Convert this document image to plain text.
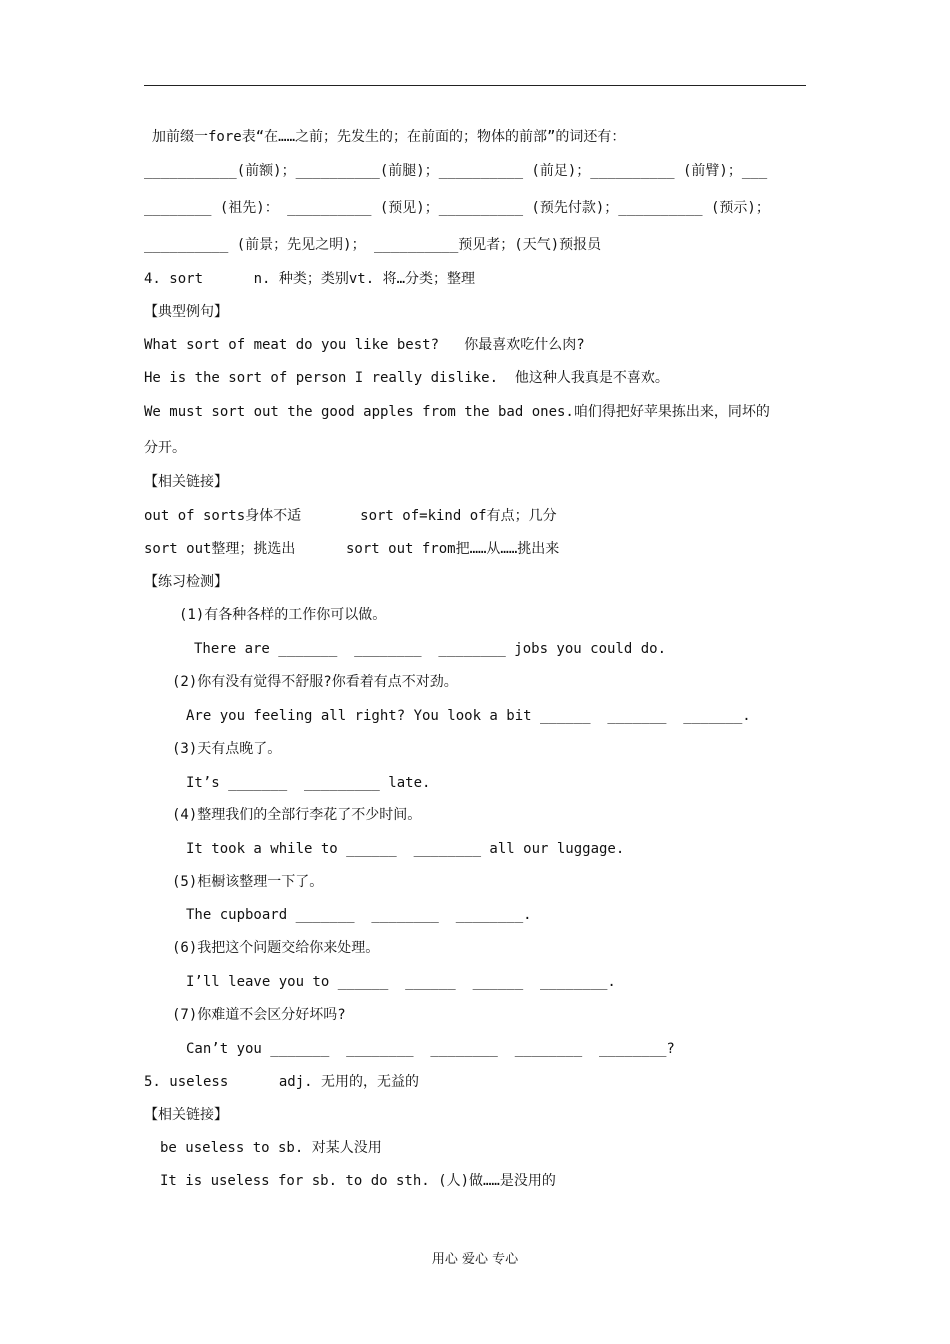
加前缀一fore表“在……之前；先发生的；在前面的；物体的前部”的词还有：
___________(前额)；__________(前腿)；__________ (前足)；__________ (前臂)；___
________ (祖先)： __________ (预见)；__________ (预先付款)；__________ (预示)；
__________ (前景；先见之明)； __________预见者；(天气)预报员
4. sort      n. 种类；类别vt. 将…分类；整理
【典型例句】
What sort of meat do you like best?   你最喜欢吃什么肉?
He is the sort of person I really dislike.  他这种人我真是不喜欢。
We must sort out the good apples from the bad ones.咱们得把好苹果拣出来，同坏的
分开。
【相关链接】
out of sorts身体不适       sort of=kind of有点；几分
sort out整理；挑选出      sort out from把……从……挑出来
【练习检测】
(1)有各种各样的工作你可以做。
There are _______  ________  ________ jobs you could do.
(2)你有没有觉得不舒服?你看着有点不对劲。
Are you feeling all right? You look a bit ______  _______  _______.
(3)天有点晚了。
It’s _______  _________ late.
(4)整理我们的全部行李花了不少时间。
It took a while to ______  ________ all our luggage.
(5)柜橱该整理一下了。
The cupboard _______  ________  ________.
(6)我把这个问题交给你来处理。
I’ll leave you to ______  ______  ______  ________.
(7)你难道不会区分好坏吗?
Can’t you _______  ________  ________  ________  ________?
5. useless      adj. 无用的，无益的
【相关链接】
be useless to sb. 对某人没用
It is useless for sb. to do sth. (人)做……是没用的
用心 爱心 专心
